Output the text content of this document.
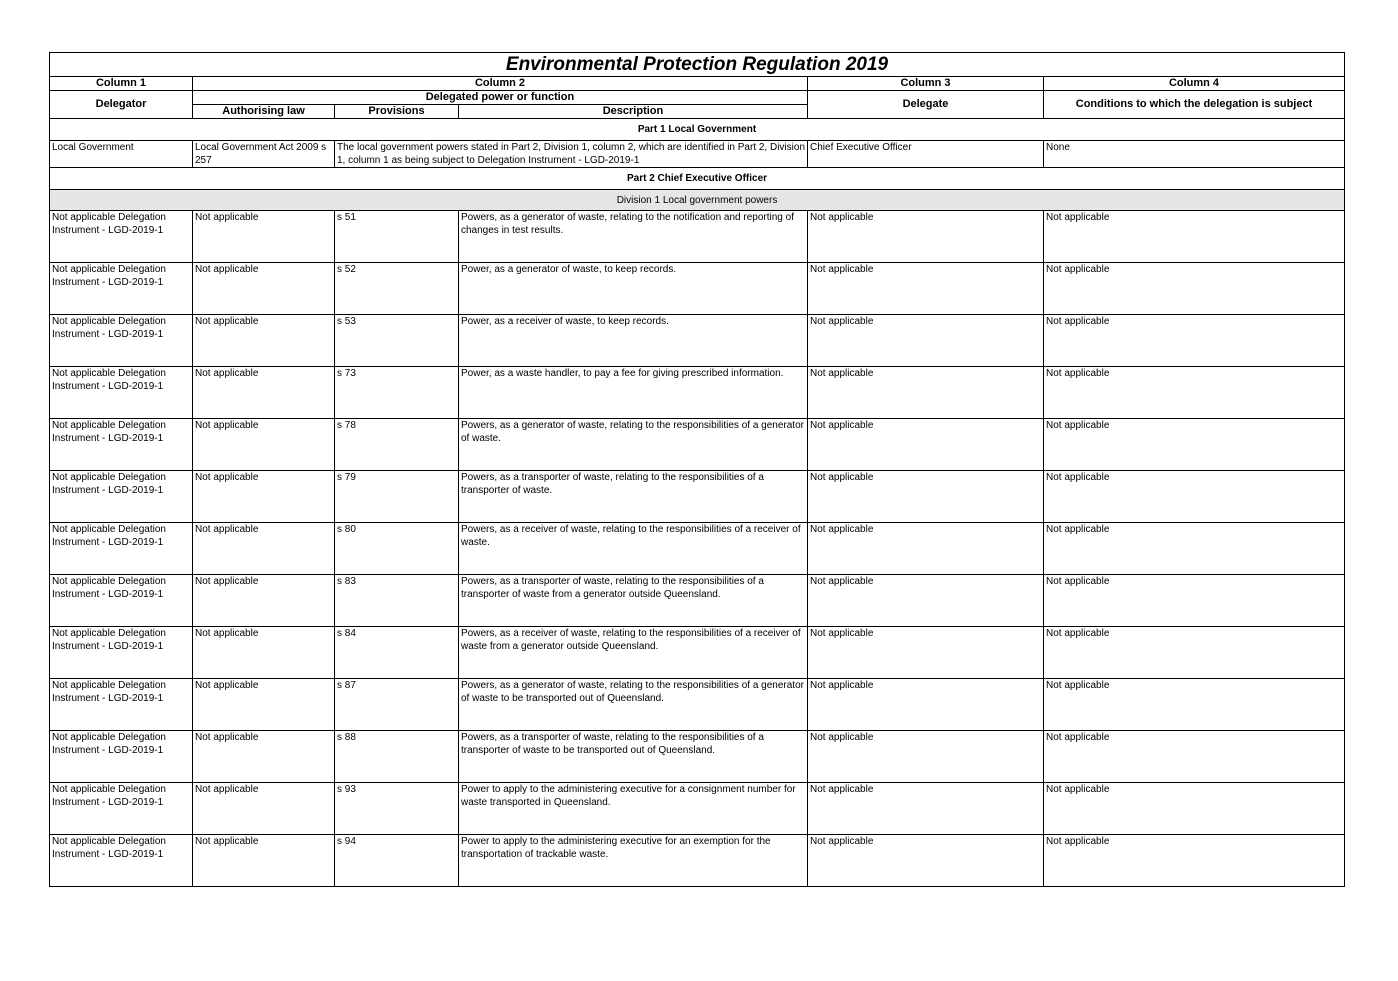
Environmental Protection Regulation 2019					
Column 1	Column 2			Column 3	Column 4
Delegator	Delegated power or function			Delegate	Conditions to which the delegation is subject
	Authorising law	Provisions	Description		
Part 1 Local Government					
Local Government	Local Government Act 2009 s 257	The local government powers stated in Part 2, Division 1, column 2, which are identified in Part 2, Division 1, column 1 as being subject to Delegation Instrument - LGD-2019-1		Chief Executive Officer	None
Part 2 Chief Executive Officer					
Division 1 Local government powers					
Not applicable Delegation Instrument - LGD-2019-1	Not applicable	s 51	Powers, as a generator of waste, relating to the notification and reporting of changes in test results.	Not applicable	Not applicable
Not applicable Delegation Instrument - LGD-2019-1	Not applicable	s 52	Power, as a generator of waste, to keep records.	Not applicable	Not applicable
Not applicable Delegation Instrument - LGD-2019-1	Not applicable	s 53	Power, as a receiver of waste, to keep records.	Not applicable	Not applicable
Not applicable Delegation Instrument - LGD-2019-1	Not applicable	s 73	Power, as a waste handler, to pay a fee for giving prescribed information.	Not applicable	Not applicable
Not applicable Delegation Instrument - LGD-2019-1	Not applicable	s 78	Powers, as a generator of waste, relating to the responsibilities of a generator of waste.	Not applicable	Not applicable
Not applicable Delegation Instrument - LGD-2019-1	Not applicable	s 79	Powers, as a transporter of waste, relating to the responsibilities of a transporter of waste.	Not applicable	Not applicable
Not applicable Delegation Instrument - LGD-2019-1	Not applicable	s 80	Powers, as a receiver of waste, relating to the responsibilities of a receiver of waste.	Not applicable	Not applicable
Not applicable Delegation Instrument - LGD-2019-1	Not applicable	s 83	Powers, as a transporter of waste, relating to the responsibilities of a transporter of waste from a generator outside Queensland.	Not applicable	Not applicable
Not applicable Delegation Instrument - LGD-2019-1	Not applicable	s 84	Powers, as a receiver of waste, relating to the responsibilities of a receiver of waste from a generator outside Queensland.	Not applicable	Not applicable
Not applicable Delegation Instrument - LGD-2019-1	Not applicable	s 87	Powers, as a generator of waste, relating to the responsibilities of a generator of waste to be transported out of Queensland.	Not applicable	Not applicable
Not applicable Delegation Instrument - LGD-2019-1	Not applicable	s 88	Powers, as a transporter of waste, relating to the responsibilities of a transporter of waste to be transported out of Queensland.	Not applicable	Not applicable
Not applicable Delegation Instrument - LGD-2019-1	Not applicable	s 93	Power to apply to the administering executive for a consignment number for waste transported in Queensland.	Not applicable	Not applicable
Not applicable Delegation Instrument - LGD-2019-1	Not applicable	s 94	Power to apply to the administering executive for an exemption for the transportation of trackable waste.	Not applicable	Not applicable
